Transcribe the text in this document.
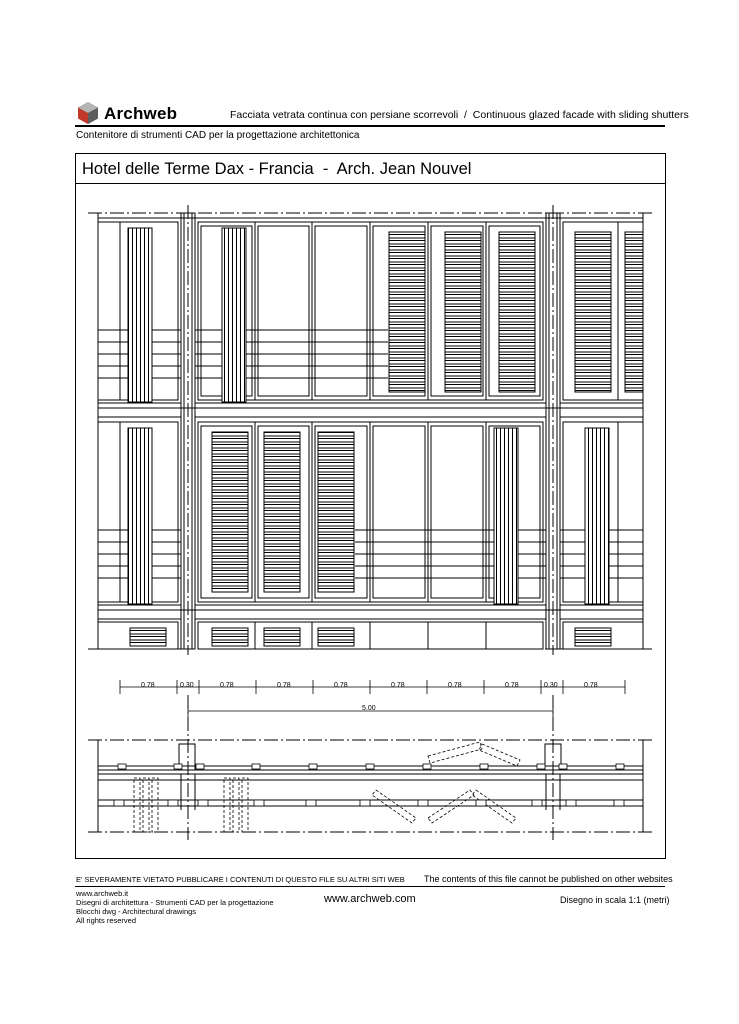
Archweb	Facciata vetrata continua con persiane scorrevoli  /  Continuous glazed facade with sliding shutters
Contenitore di strumenti CAD per la progettazione architettonica
Hotel delle Terme Dax - Francia  -  Arch. Jean Nouvel
0.78	0.30	0.78	0.78	0.78	0.78	0.78	0.78	0.30	0.78
5.00
E' SEVERAMENTE VIETATO PUBBLICARE I CONTENUTI DI QUESTO FILE SU ALTRI SITI WEB The contents of this file cannot be published on other websites
www.archweb.it
Disegni di architettura - Strumenti CAD per la progettazione
Blocchi dwg - Architectural drawings
All rights reserved
www.archweb.com	Disegno in scala 1:1 (metri)
